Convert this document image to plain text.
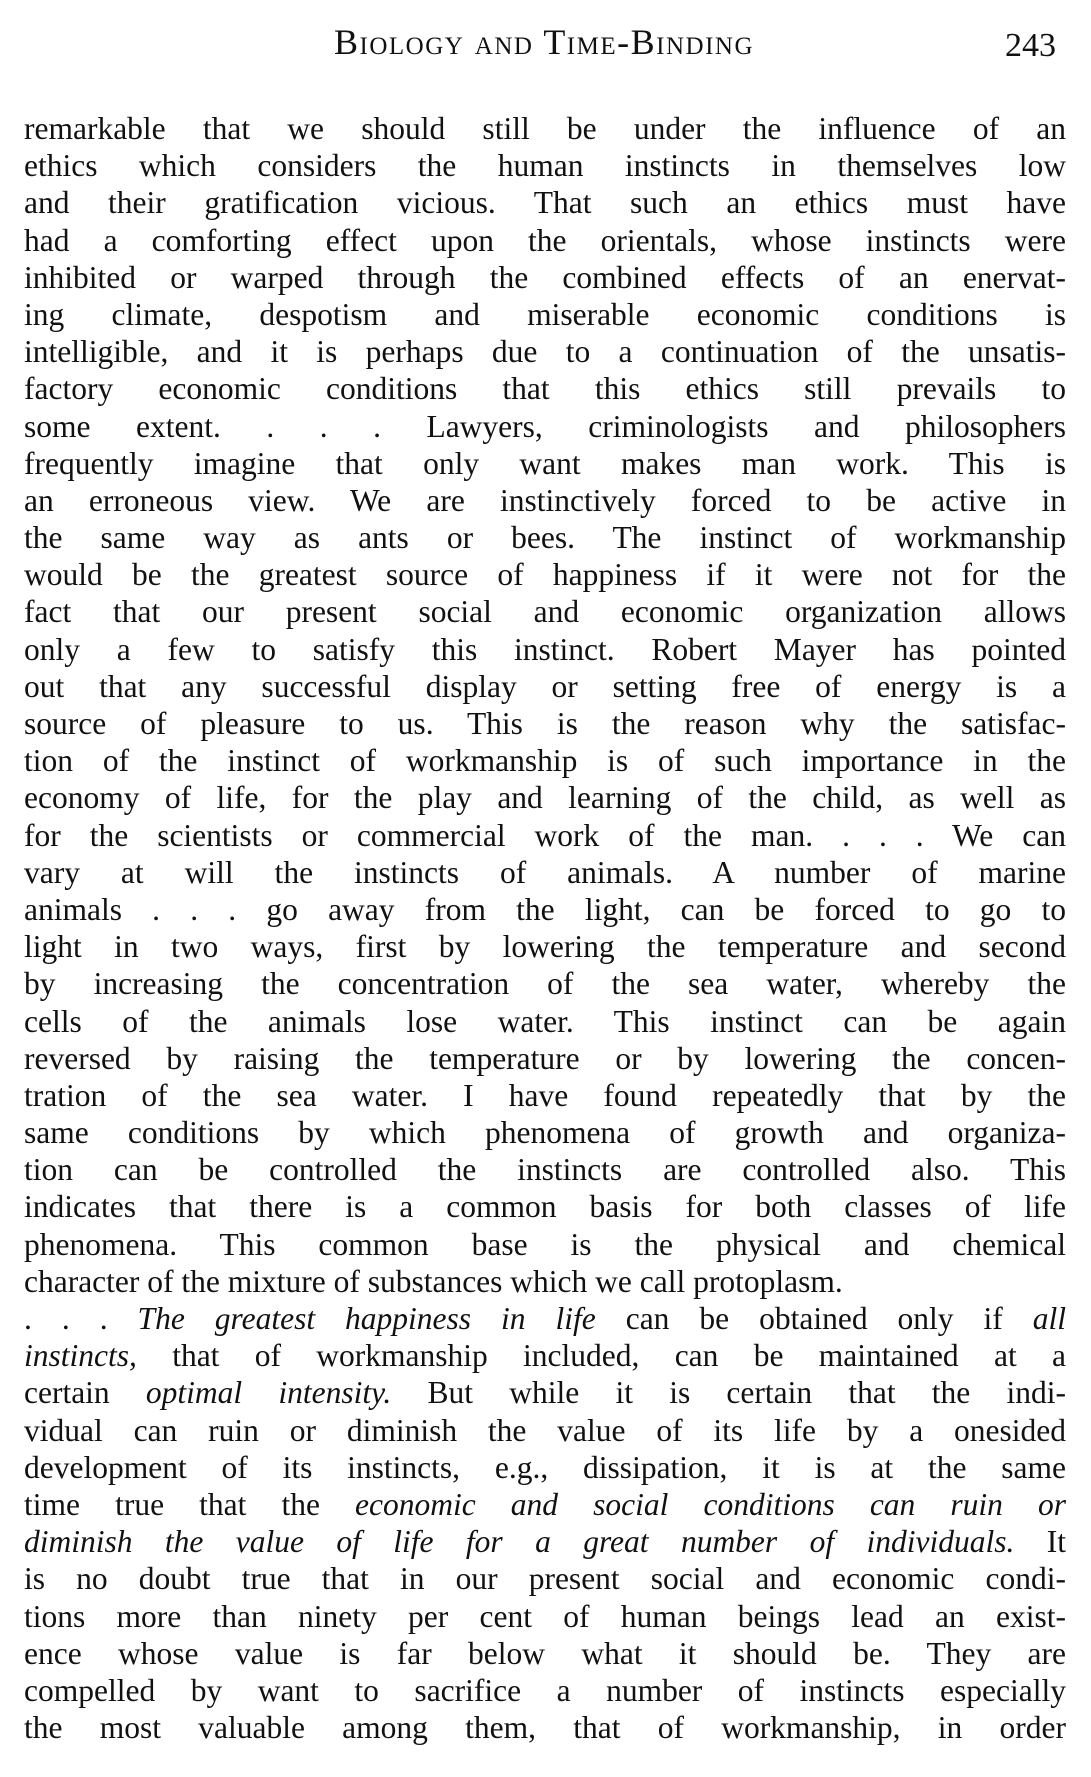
Biology and Time-Binding	243
remarkable that we should still be under the influence of an
ethics which considers the human instincts in themselves low
and their gratification vicious. That such an ethics must have
had a comforting effect upon the orientals, whose instincts were
inhibited or warped through the combined effects of an enervat-
ing climate, despotism and miserable economic conditions is
intelligible, and it is perhaps due to a continuation of the unsatis-
factory economic conditions that this ethics still prevails to
some extent. . . . Lawyers, criminologists and philosophers
frequently imagine that only want makes man work. This is
an erroneous view. We are instinctively forced to be active in
the same way as ants or bees. The instinct of workmanship
would be the greatest source of happiness if it were not for the
fact that our present social and economic organization allows
only a few to satisfy this instinct. Robert Mayer has pointed
out that any successful display or setting free of energy is a
source of pleasure to us. This is the reason why the satisfac-
tion of the instinct of workmanship is of such importance in the
economy of life, for the play and learning of the child, as well as
for the scientists or commercial work of the man. . . . We can
vary at will the instincts of animals. A number of marine
animals . . . go away from the light, can be forced to go to
light in two ways, first by lowering the temperature and second
by increasing the concentration of the sea water, whereby the
cells of the animals lose water. This instinct can be again
reversed by raising the temperature or by lowering the concen-
tration of the sea water. I have found repeatedly that by the
same conditions by which phenomena of growth and organiza-
tion can be controlled the instincts are controlled also. This
indicates that there is a common basis for both classes of life
phenomena. This common base is the physical and chemical
character of the mixture of substances which we call protoplasm.
. . . The greatest happiness in life can be obtained only if all
instincts, that of workmanship included, can be maintained at a
certain optimal intensity. But while it is certain that the indi-
vidual can ruin or diminish the value of its life by a onesided
development of its instincts, e.g., dissipation, it is at the same
time true that the economic and social conditions can ruin or
diminish the value of life for a great number of individuals. It
is no doubt true that in our present social and economic condi-
tions more than ninety per cent of human beings lead an exist-
ence whose value is far below what it should be. They are
compelled by want to sacrifice a number of instincts especially
the most valuable among them, that of workmanship, in order
